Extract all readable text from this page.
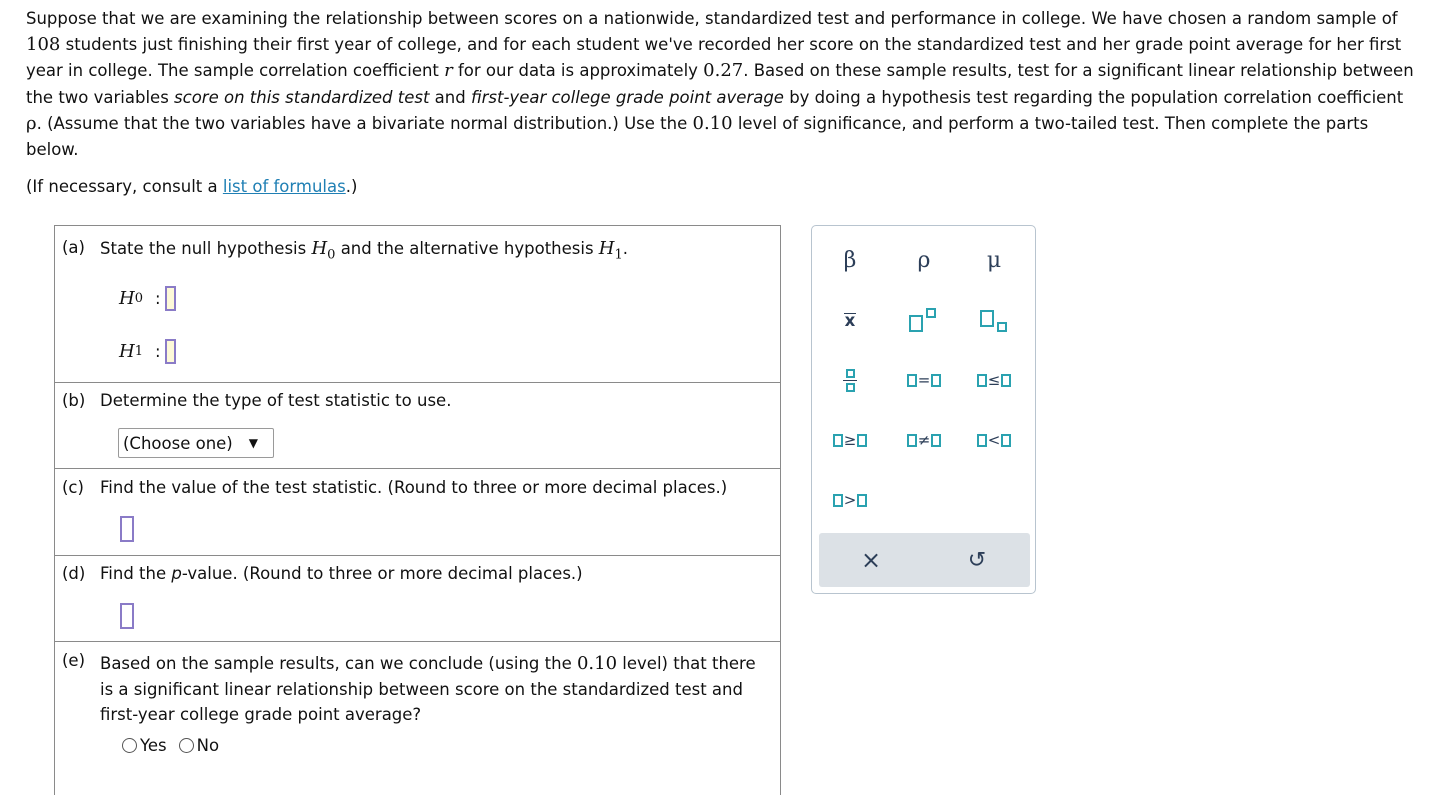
Suppose that we are examining the relationship between scores on a nationwide, standardized test and performance in college. We have chosen a random sample of 108 students just finishing their first year of college, and for each student we've recorded her score on the standardized test and her grade point average for her first year in college. The sample correlation coefficient r for our data is approximately 0.27. Based on these sample results, test for a significant linear relationship between the two variables score on this standardized test and first-year college grade point average by doing a hypothesis test regarding the population correlation coefficient ρ. (Assume that the two variables have a bivariate normal distribution.) Use the 0.10 level of significance, and perform a two-tailed test. Then complete the parts below.

(If necessary, consult a list of formulas.)

(a) State the null hypothesis $H_0$ and the alternative hypothesis $H_1$.
H 0 :
H 1 :
(b) Determine the type of test statistic to use.
(Choose one) ▼
(c) Find the value of the test statistic. (Round to three or more decimal places.)
(d) Find the p-value. (Round to three or more decimal places.)
(e) Based on the sample results, can we conclude (using the 0.10 level) that there is a significant linear relationship between score on the standardized test and first-year college grade point average?
Yes	No
β	ρ	μ
x
=	≤
≥	≠	<
>
×	↺
